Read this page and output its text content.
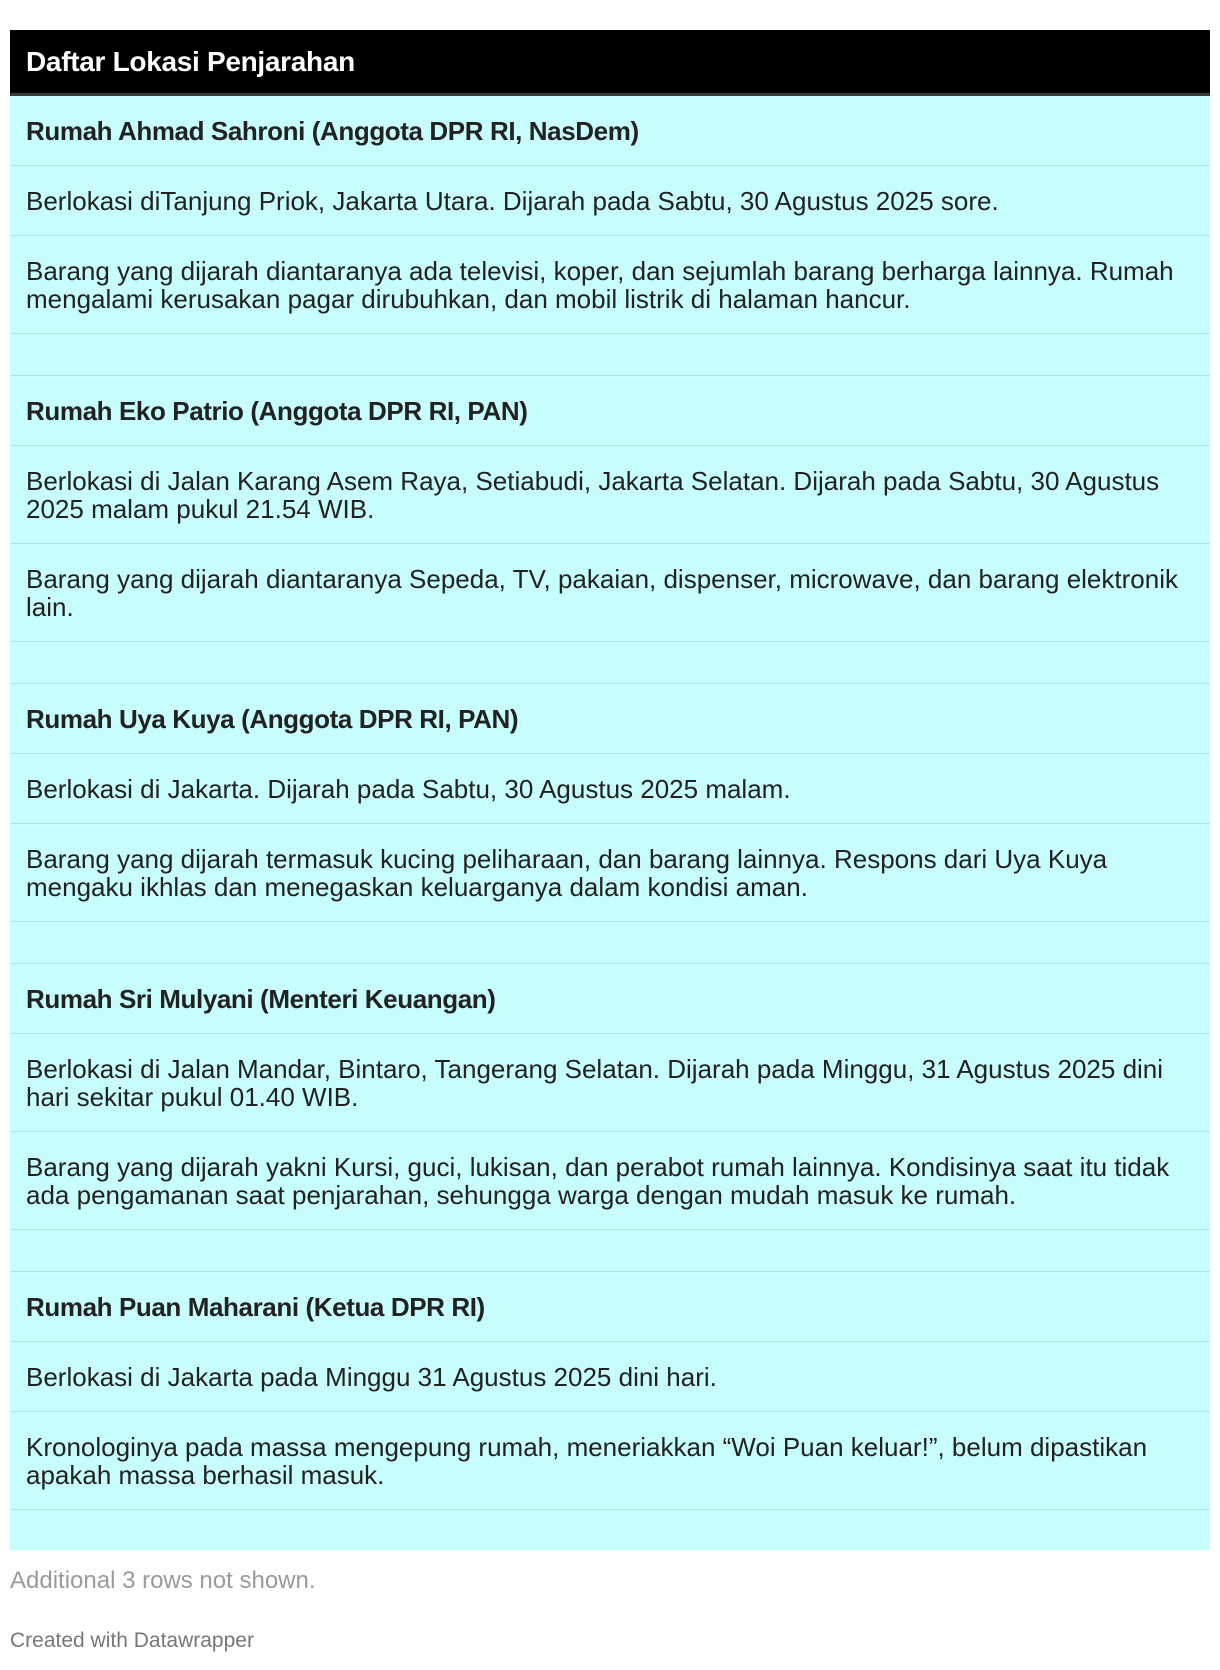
Daftar Lokasi Penjarahan
Rumah Ahmad Sahroni (Anggota DPR RI, NasDem)
Berlokasi diTanjung Priok, Jakarta Utara. Dijarah pada Sabtu, 30 Agustus 2025 sore.
Barang yang dijarah diantaranya ada televisi, koper, dan sejumlah barang berharga lainnya. Rumah mengalami kerusakan pagar dirubuhkan, dan mobil listrik di halaman hancur.
Rumah Eko Patrio (Anggota DPR RI, PAN)
Berlokasi di Jalan Karang Asem Raya, Setiabudi, Jakarta Selatan. Dijarah pada Sabtu, 30 Agustus 2025 malam pukul 21.54 WIB.
Barang yang dijarah diantaranya Sepeda, TV, pakaian, dispenser, microwave, dan barang elektronik lain.
Rumah Uya Kuya (Anggota DPR RI, PAN)
Berlokasi di Jakarta. Dijarah pada Sabtu, 30 Agustus 2025 malam.
Barang yang dijarah termasuk kucing peliharaan, dan barang lainnya. Respons dari Uya Kuya mengaku ikhlas dan menegaskan keluarganya dalam kondisi aman.
Rumah Sri Mulyani (Menteri Keuangan)
Berlokasi di Jalan Mandar, Bintaro, Tangerang Selatan. Dijarah pada Minggu, 31 Agustus 2025 dini hari sekitar pukul 01.40 WIB.
Barang yang dijarah yakni Kursi, guci, lukisan, dan perabot rumah lainnya. Kondisinya saat itu tidak ada pengamanan saat penjarahan, sehungga warga dengan mudah masuk ke rumah.
Rumah Puan Maharani (Ketua DPR RI)
Berlokasi di Jakarta pada Minggu 31 Agustus 2025 dini hari.
Kronologinya pada massa mengepung rumah, meneriakkan “Woi Puan keluar!”, belum dipastikan apakah massa berhasil masuk.
Additional 3 rows not shown.
Created with Datawrapper
